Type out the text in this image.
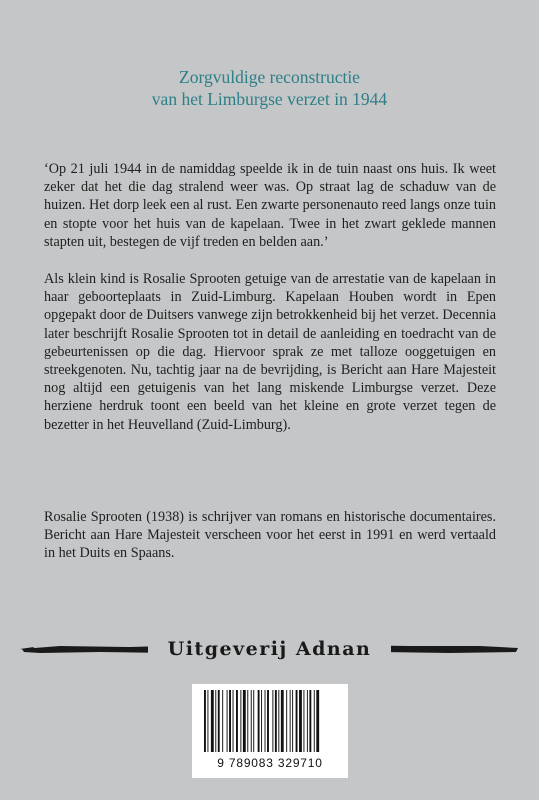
Zorgvuldige reconstructie
van het Limburgse verzet in 1944

‘Op 21 juli 1944 in de namiddag speelde ik in de tuin naast ons huis. Ik weet zeker dat het die dag stralend weer was. Op straat lag de schaduw van de huizen. Het dorp leek een al rust. Een zwarte personenauto reed langs onze tuin en stopte voor het huis van de kapelaan. Twee in het zwart geklede mannen stapten uit, bestegen de vijf treden en belden aan.’

Als klein kind is Rosalie Sprooten getuige van de arrestatie van de kapelaan in haar geboorteplaats in Zuid-Limburg. Kapelaan Houben wordt in Epen opgepakt door de Duitsers vanwege zijn betrokkenheid bij het verzet. Decennia later beschrijft Rosalie Sprooten tot in detail de aanleiding en toedracht van de gebeurtenissen op die dag. Hiervoor sprak ze met talloze ooggetuigen en streekgenoten. Nu, tachtig jaar na de bevrijding, is Bericht aan Hare Majesteit nog altijd een getuigenis van het lang miskende Limburgse verzet. Deze herziene herdruk toont een beeld van het kleine en grote verzet tegen de bezetter in het Heuvelland (Zuid-Limburg).

Rosalie Sprooten (1938) is schrijver van romans en historische documentaires. Bericht aan Hare Majesteit verscheen voor het eerst in 1991 en werd vertaald in het Duits en Spaans.

Uitgeverij Adnan
9 789083 329710
